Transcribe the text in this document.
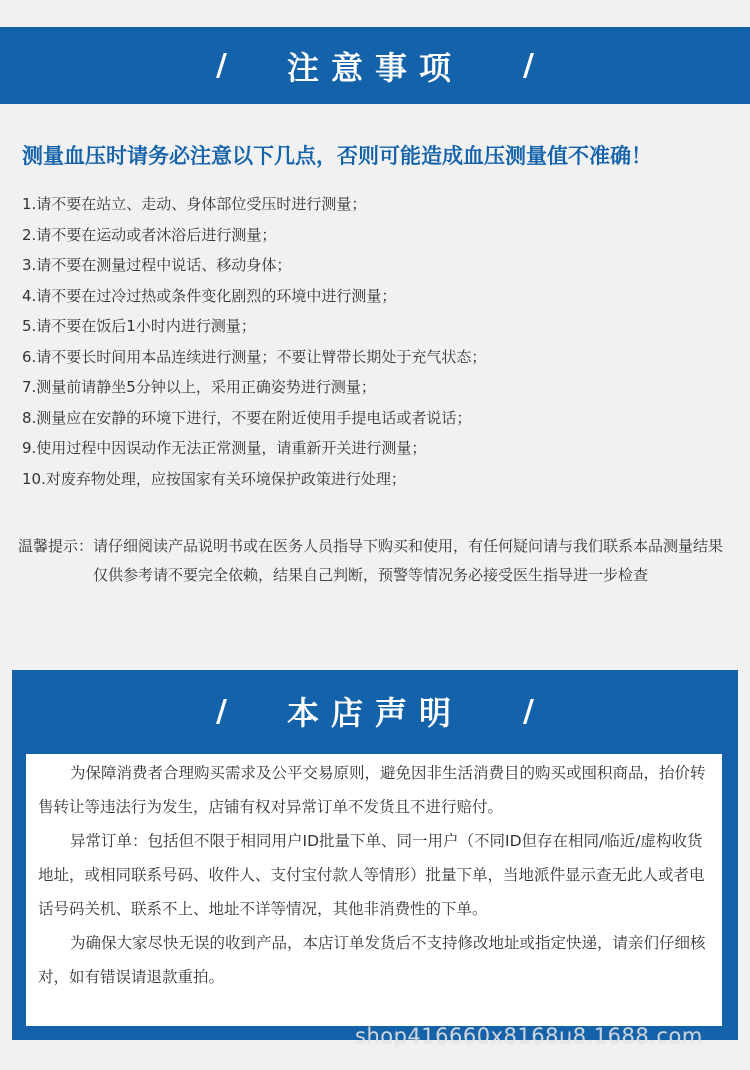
/ 注意事项 /
测量血压时请务必注意以下几点，否则可能造成血压测量值不准确！
1.请不要在站立、走动、身体部位受压时进行测量；
2.请不要在运动或者沐浴后进行测量；
3.请不要在测量过程中说话、移动身体；
4.请不要在过冷过热或条件变化剧烈的环境中进行测量；
5.请不要在饭后1小时内进行测量；
6.请不要长时间用本品连续进行测量；不要让臂带长期处于充气状态；
7.测量前请静坐5分钟以上，采用正确姿势进行测量；
8.测量应在安静的环境下进行，不要在附近使用手提电话或者说话；
9.使用过程中因误动作无法正常测量，请重新开关进行测量；
10.对废弃物处理，应按国家有关环境保护政策进行处理；
温馨提示： 请仔细阅读产品说明书或在医务人员指导下购买和使用，有任何疑问请与我们联系本品测量结果仅供参考请不要完全依赖，结果自己判断，预警等情况务必接受医生指导进一步检查
/ 本店声明 /

为保障消费者合理购买需求及公平交易原则，避免因非生活消费目的购买或囤积商品，抬价转售转让等违法行为发生，店铺有权对异常订单不发货且不进行赔付。

异常订单：包括但不限于相同用户ID批量下单、同一用户（不同ID但存在相同/临近/虚构收货地址，或相同联系号码、收件人、支付宝付款人等情形）批量下单，当地派件显示查无此人或者电话号码关机、联系不上、地址不详等情况，其他非消费性的下单。

为确保大家尽快无误的收到产品，本店订单发货后不支持修改地址或指定快递，请亲们仔细核对，如有错误请退款重拍。

shop416660x8168u8.1688.com
